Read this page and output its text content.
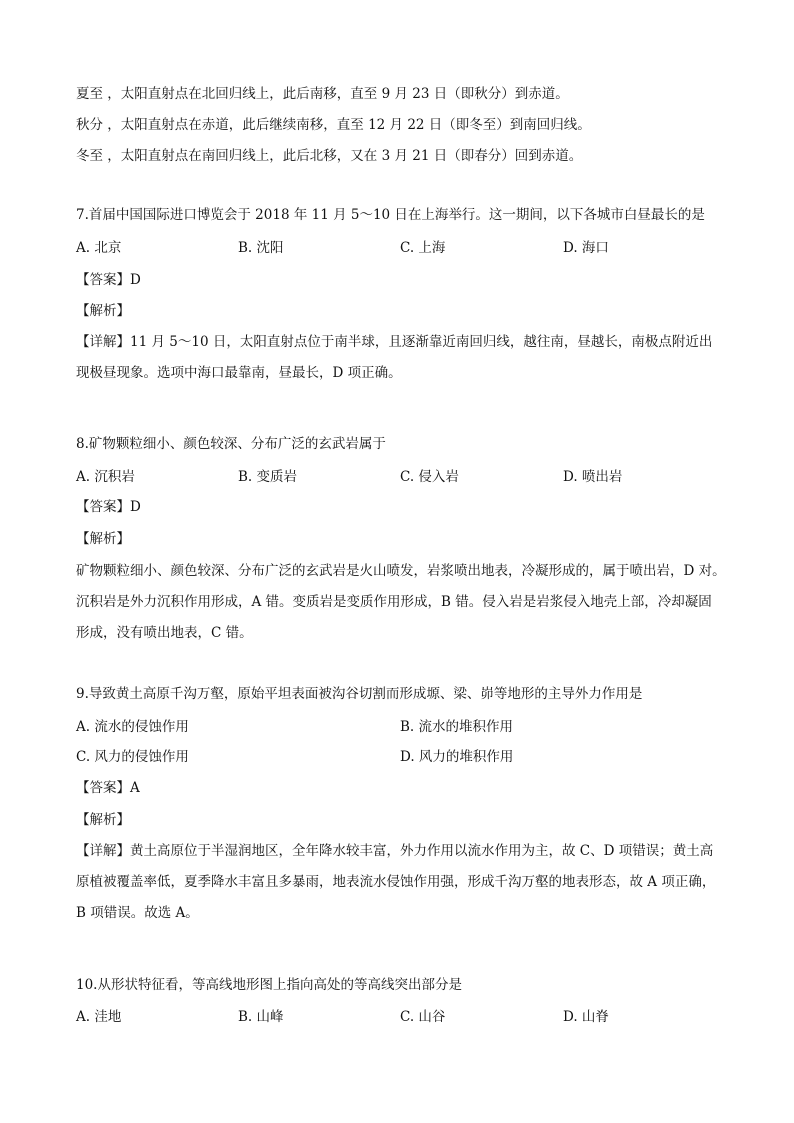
夏至 ，太阳直射点在北回归线上，此后南移，直至 9 月 23 日（即秋分）到赤道。
秋分 ，太阳直射点在赤道，此后继续南移，直至 12 月 22 日（即冬至）到南回归线。
冬至 ，太阳直射点在南回归线上，此后北移，又在 3 月 21 日（即春分）回到赤道。
7.首届中国国际进口博览会于 2018 年 11 月 5～10 日在上海举行。这一期间，以下各城市白昼最长的是
A. 北京	B. 沈阳	C. 上海	D. 海口
【答案】D
【解析】
【详解】11 月 5～10 日，太阳直射点位于南半球，且逐渐靠近南回归线，越往南，昼越长，南极点附近出
现极昼现象。选项中海口最靠南，昼最长，D 项正确。
8.矿物颗粒细小、颜色较深、分布广泛的玄武岩属于
A. 沉积岩	B. 变质岩	C. 侵入岩	D. 喷出岩
【答案】D
【解析】
矿物颗粒细小、颜色较深、分布广泛的玄武岩是火山喷发，岩浆喷出地表，冷凝形成的，属于喷出岩，D 对。
沉积岩是外力沉积作用形成，A 错。变质岩是变质作用形成，B 错。侵入岩是岩浆侵入地壳上部，冷却凝固
形成，没有喷出地表，C 错。
9.导致黄土高原千沟万壑，原始平坦表面被沟谷切割而形成塬、梁、峁等地形的主导外力作用是
A. 流水的侵蚀作用	B. 流水的堆积作用
C. 风力的侵蚀作用	D. 风力的堆积作用
【答案】A
【解析】
【详解】黄土高原位于半湿润地区，全年降水较丰富，外力作用以流水作用为主，故 C、D 项错误；黄土高
原植被覆盖率低，夏季降水丰富且多暴雨，地表流水侵蚀作用强，形成千沟万壑的地表形态，故 A 项正确，
B 项错误。故选 A。
10.从形状特征看，等高线地形图上指向高处的等高线突出部分是
A. 洼地	B. 山峰	C. 山谷	D. 山脊
